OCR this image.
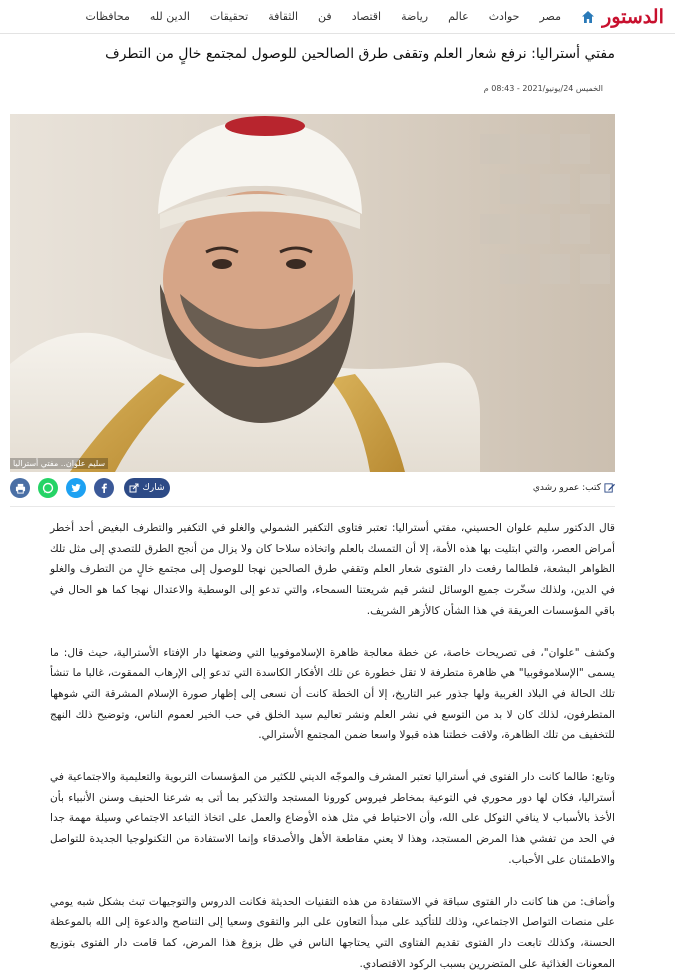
الدستور
مصر
حوادث
عالم
رياضة
اقتصاد
فن
الثقافة
تحقيقات
الدين لله
محافظات
مفتي أستراليا: نرفع شعار العلم وتقفى طرق الصالحين للوصول لمجتمع خالٍ من التطرف
الخميس 24/يونيو/2021 - 08:43 م
سليم علوان.. مفتي أستراليا
شارك	كتب: عمرو رشدي

قال الدكتور سليم علوان الحسيني، مفتي أستراليا: تعتبر فتاوى التكفير الشمولي والغلو في التكفير والتطرف البغيض أحد أخطر أمراض العصر، والتي ابتليت بها هذه الأمة، إلا أن التمسك بالعلم واتخاذه سلاحا كان ولا يزال من أنجح الطرق للتصدي إلى مثل تلك الظواهر البشعة، فلطالما رفعت دار الفتوى شعار العلم وتقفي طرق الصالحين نهجا للوصول إلى مجتمع خالٍ من التطرف والغلو في الدين، ولذلك سخّرت جميع الوسائل لنشر قيم شريعتنا السمحاء، والتي تدعو إلى الوسطية والاعتدال نهجا كما هو الحال في باقي المؤسسات العريقة في هذا الشأن كالأزهر الشريف.

وكشف "علوان"، فى تصريحات خاصة، عن خطة معالجة ظاهرة الإسلاموفوبيا التي وضعتها دار الإفتاء الأسترالية، حيث قال: ما يسمى "الإسلاموفوبيا" هي ظاهرة متطرفة لا تقل خطورة عن تلك الأفكار الكاسدة التي تدعو إلى الإرهاب الممقوت، غالبا ما تنشأ تلك الحالة في البلاد الغربية ولها جذور عبر التاريخ، إلا أن الخطة كانت أن نسعى إلى إظهار صورة الإسلام المشرقة التي شوهها المتطرفون، لذلك كان لا بد من التوسع في نشر العلم ونشر تعاليم سيد الخلق في حب الخير لعموم الناس، وتوضيح ذلك النهج للتخفيف من تلك الظاهرة، ولاقت خطتنا هذه قبولا واسعا ضمن المجتمع الأسترالي.

وتابع: طالما كانت دار الفتوى في أستراليا تعتبر المشرف والموجّه الديني للكثير من المؤسسات التربوية والتعليمية والاجتماعية في أستراليا، فكان لها دور محوري في التوعية بمخاطر فيروس كورونا المستجد والتذكير بما أتى به شرعنا الحنيف وسنن الأنبياء بأن الأخذ بالأسباب لا ينافي التوكل على الله، وأن الاحتياط في مثل هذه الأوضاع والعمل على اتخاذ التباعد الاجتماعي وسيلة مهمة جدا في الحد من تفشي هذا المرض المستجد، وهذا لا يعني مقاطعة الأهل والأصدقاء وإنما الاستفادة من التكنولوجيا الجديدة للتواصل والاطمئنان على الأحباب.

وأضاف: من هنا كانت دار الفتوى سباقة في الاستفادة من هذه التقنيات الحديثة فكانت الدروس والتوجيهات تبث بشكل شبه يومي على منصات التواصل الاجتماعي، وذلك للتأكيد على مبدأ التعاون على البر والتقوى وسعيا إلى التناصح والدعوة إلى الله بالموعظة الحسنة، وكذلك تابعت دار الفتوى تقديم الفتاوى التي يحتاجها الناس في ظل بزوغ هذا المرض، كما قامت دار الفتوى بتوزيع المعونات الغذائية على المتضررين بسبب الركود الاقتصادي.
